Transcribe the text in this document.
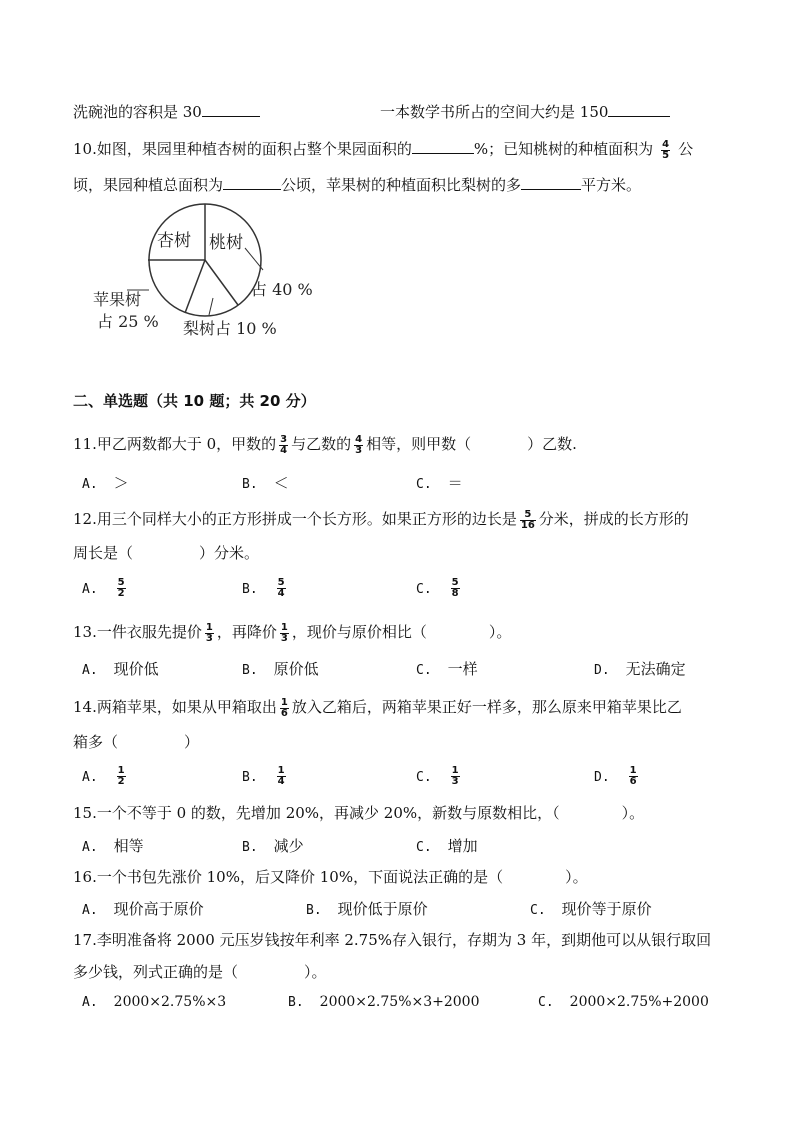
洗碗池的容积是 30	一本数学书所占的空间大约是 150
10.如图，果园里种植杏树的面积占整个果园面积的	%；已知桃树的种植面积为 $\frac{4}{5}$ 公
顷，果园种植总面积为	公顷，苹果树的种植面积比梨树的多	平方米。
杏树 桃树
占 40 %
苹果树
占 25 % 梨树占 10 %
二、单选题（共 10 题；共 20 分）
11.甲乙两数都大于 0，甲数的 $\frac{3}{4}$ 与乙数的 $\frac{4}{3}$ 相等，则甲数（	）乙数.
A. ＞	B. ＜	C. ＝
12.用三个同样大小的正方形拼成一个长方形。如果正方形的边长是 $\frac{5}{16}$ 分米，拼成的长方形的
周长是（	）分米。
A. $\frac{5}{2}$	B. $\frac{5}{4}$	C. $\frac{5}{8}$
13.一件衣服先提价 $\frac{1}{3}$ ，再降价 $\frac{1}{3}$ ，现价与原价相比（	）。
A. 现价低	B. 原价低	C. 一样	D. 无法确定
14.两箱苹果，如果从甲箱取出 $\frac{1}{6}$ 放入乙箱后，两箱苹果正好一样多，那么原来甲箱苹果比乙
箱多（	）
A. $\frac{1}{2}$	B. $\frac{1}{4}$	C. $\frac{1}{3}$	D. $\frac{1}{6}$
15.一个不等于 0 的数，先增加 20%，再减少 20%，新数与原数相比，（	）。
A. 相等	B. 减少	C. 增加
16.一个书包先涨价 10%，后又降价 10%，下面说法正确的是（	）。
A. 现价高于原价	B. 现价低于原价	C. 现价等于原价
17.李明准备将 2000 元压岁钱按年利率 2.75%存入银行，存期为 3 年，到期他可以从银行取回
多少钱，列式正确的是（	）。
A. 2000×2.75%×3	B. 2000×2.75%×3+2000	C. 2000×2.75%+2000
